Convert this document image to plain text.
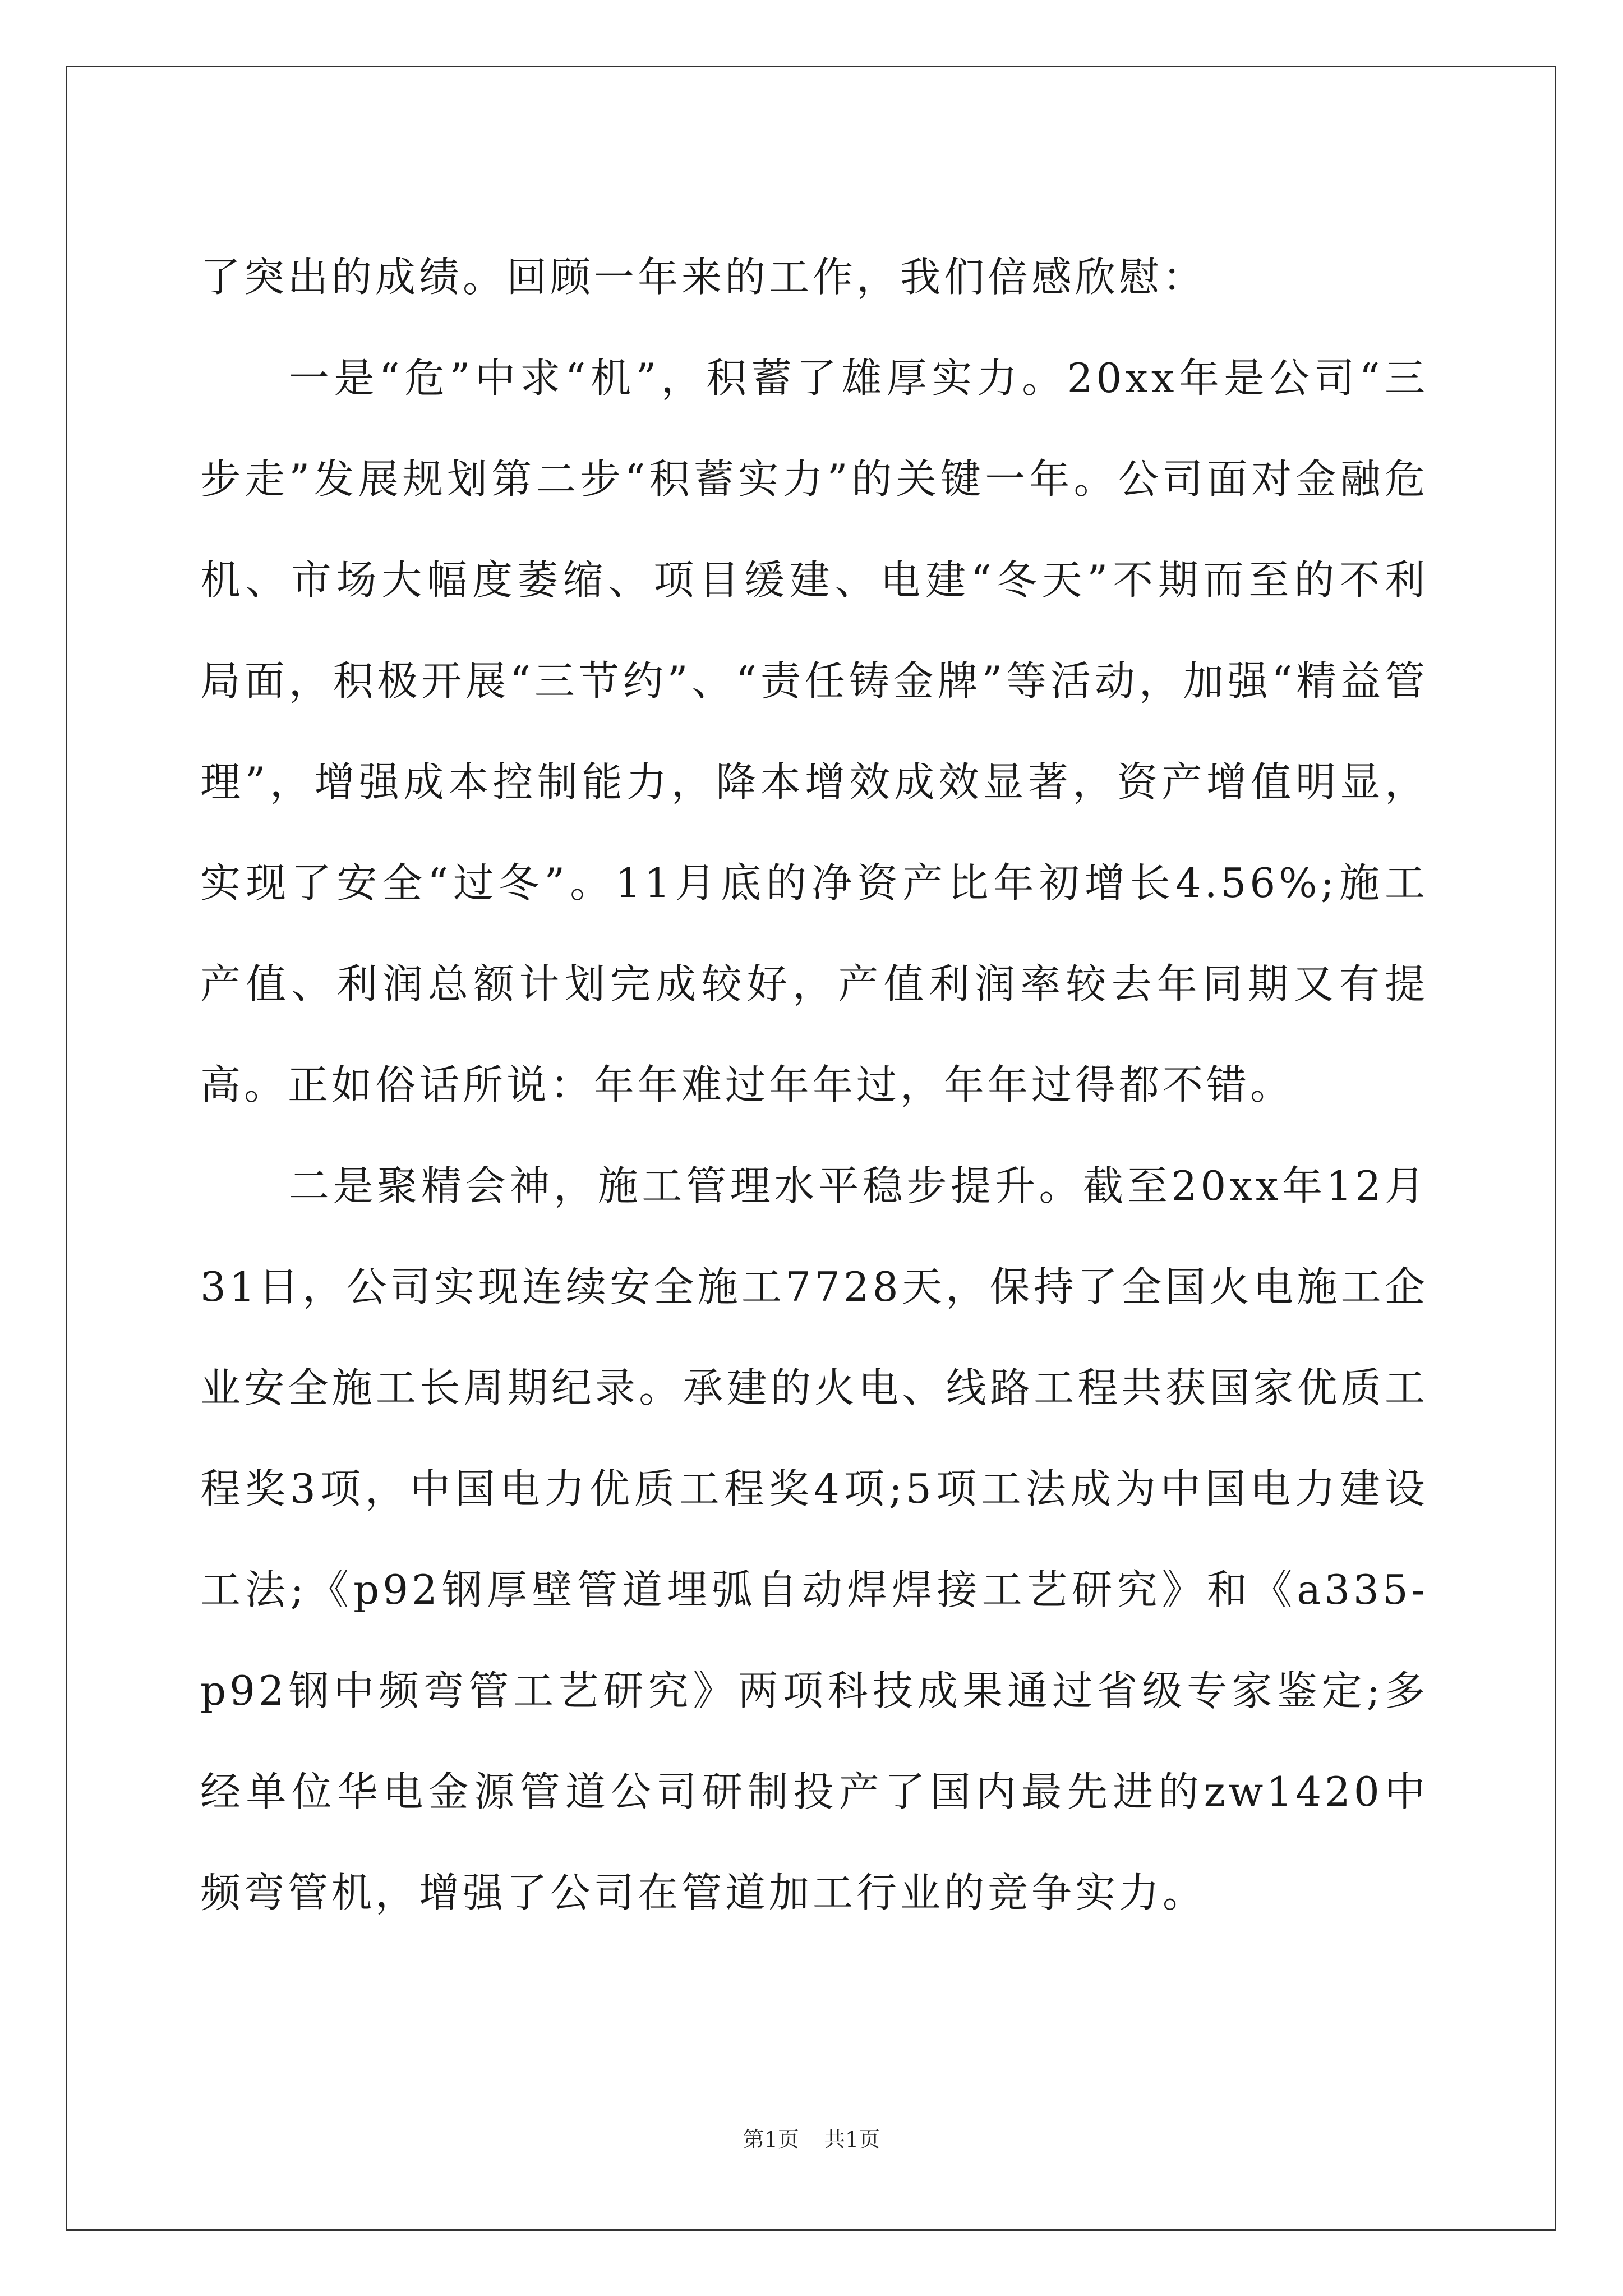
了突出的成绩。回顾一年来的工作，我们倍感欣慰：

一是“危”中求“机”，积蓄了雄厚实力。20xx年是公司“三步走”发展规划第二步“积蓄实力”的关键一年。公司面对金融危机、市场大幅度萎缩、项目缓建、电建“冬天”不期而至的不利局面，积极开展“三节约”、“责任铸金牌”等活动，加强“精益管理”，增强成本控制能力，降本增效成效显著，资产增值明显，实现了安全“过冬”。11月底的净资产比年初增长4.56%;施工产值、利润总额计划完成较好，产值利润率较去年同期又有提高。正如俗话所说：年年难过年年过，年年过得都不错。

二是聚精会神，施工管理水平稳步提升。截至20xx年12月31日，公司实现连续安全施工7728天，保持了全国火电施工企业安全施工长周期纪录。承建的火电、线路工程共获国家优质工程奖3项，中国电力优质工程奖4项;5项工法成为中国电力建设工法;《p92钢厚壁管道埋弧自动焊焊接工艺研究》和《a335-p92钢中频弯管工艺研究》两项科技成果通过省级专家鉴定;多经单位华电金源管道公司研制投产了国内最先进的zw1420中频弯管机，增强了公司在管道加工行业的竞争实力。

第1页 共1页
